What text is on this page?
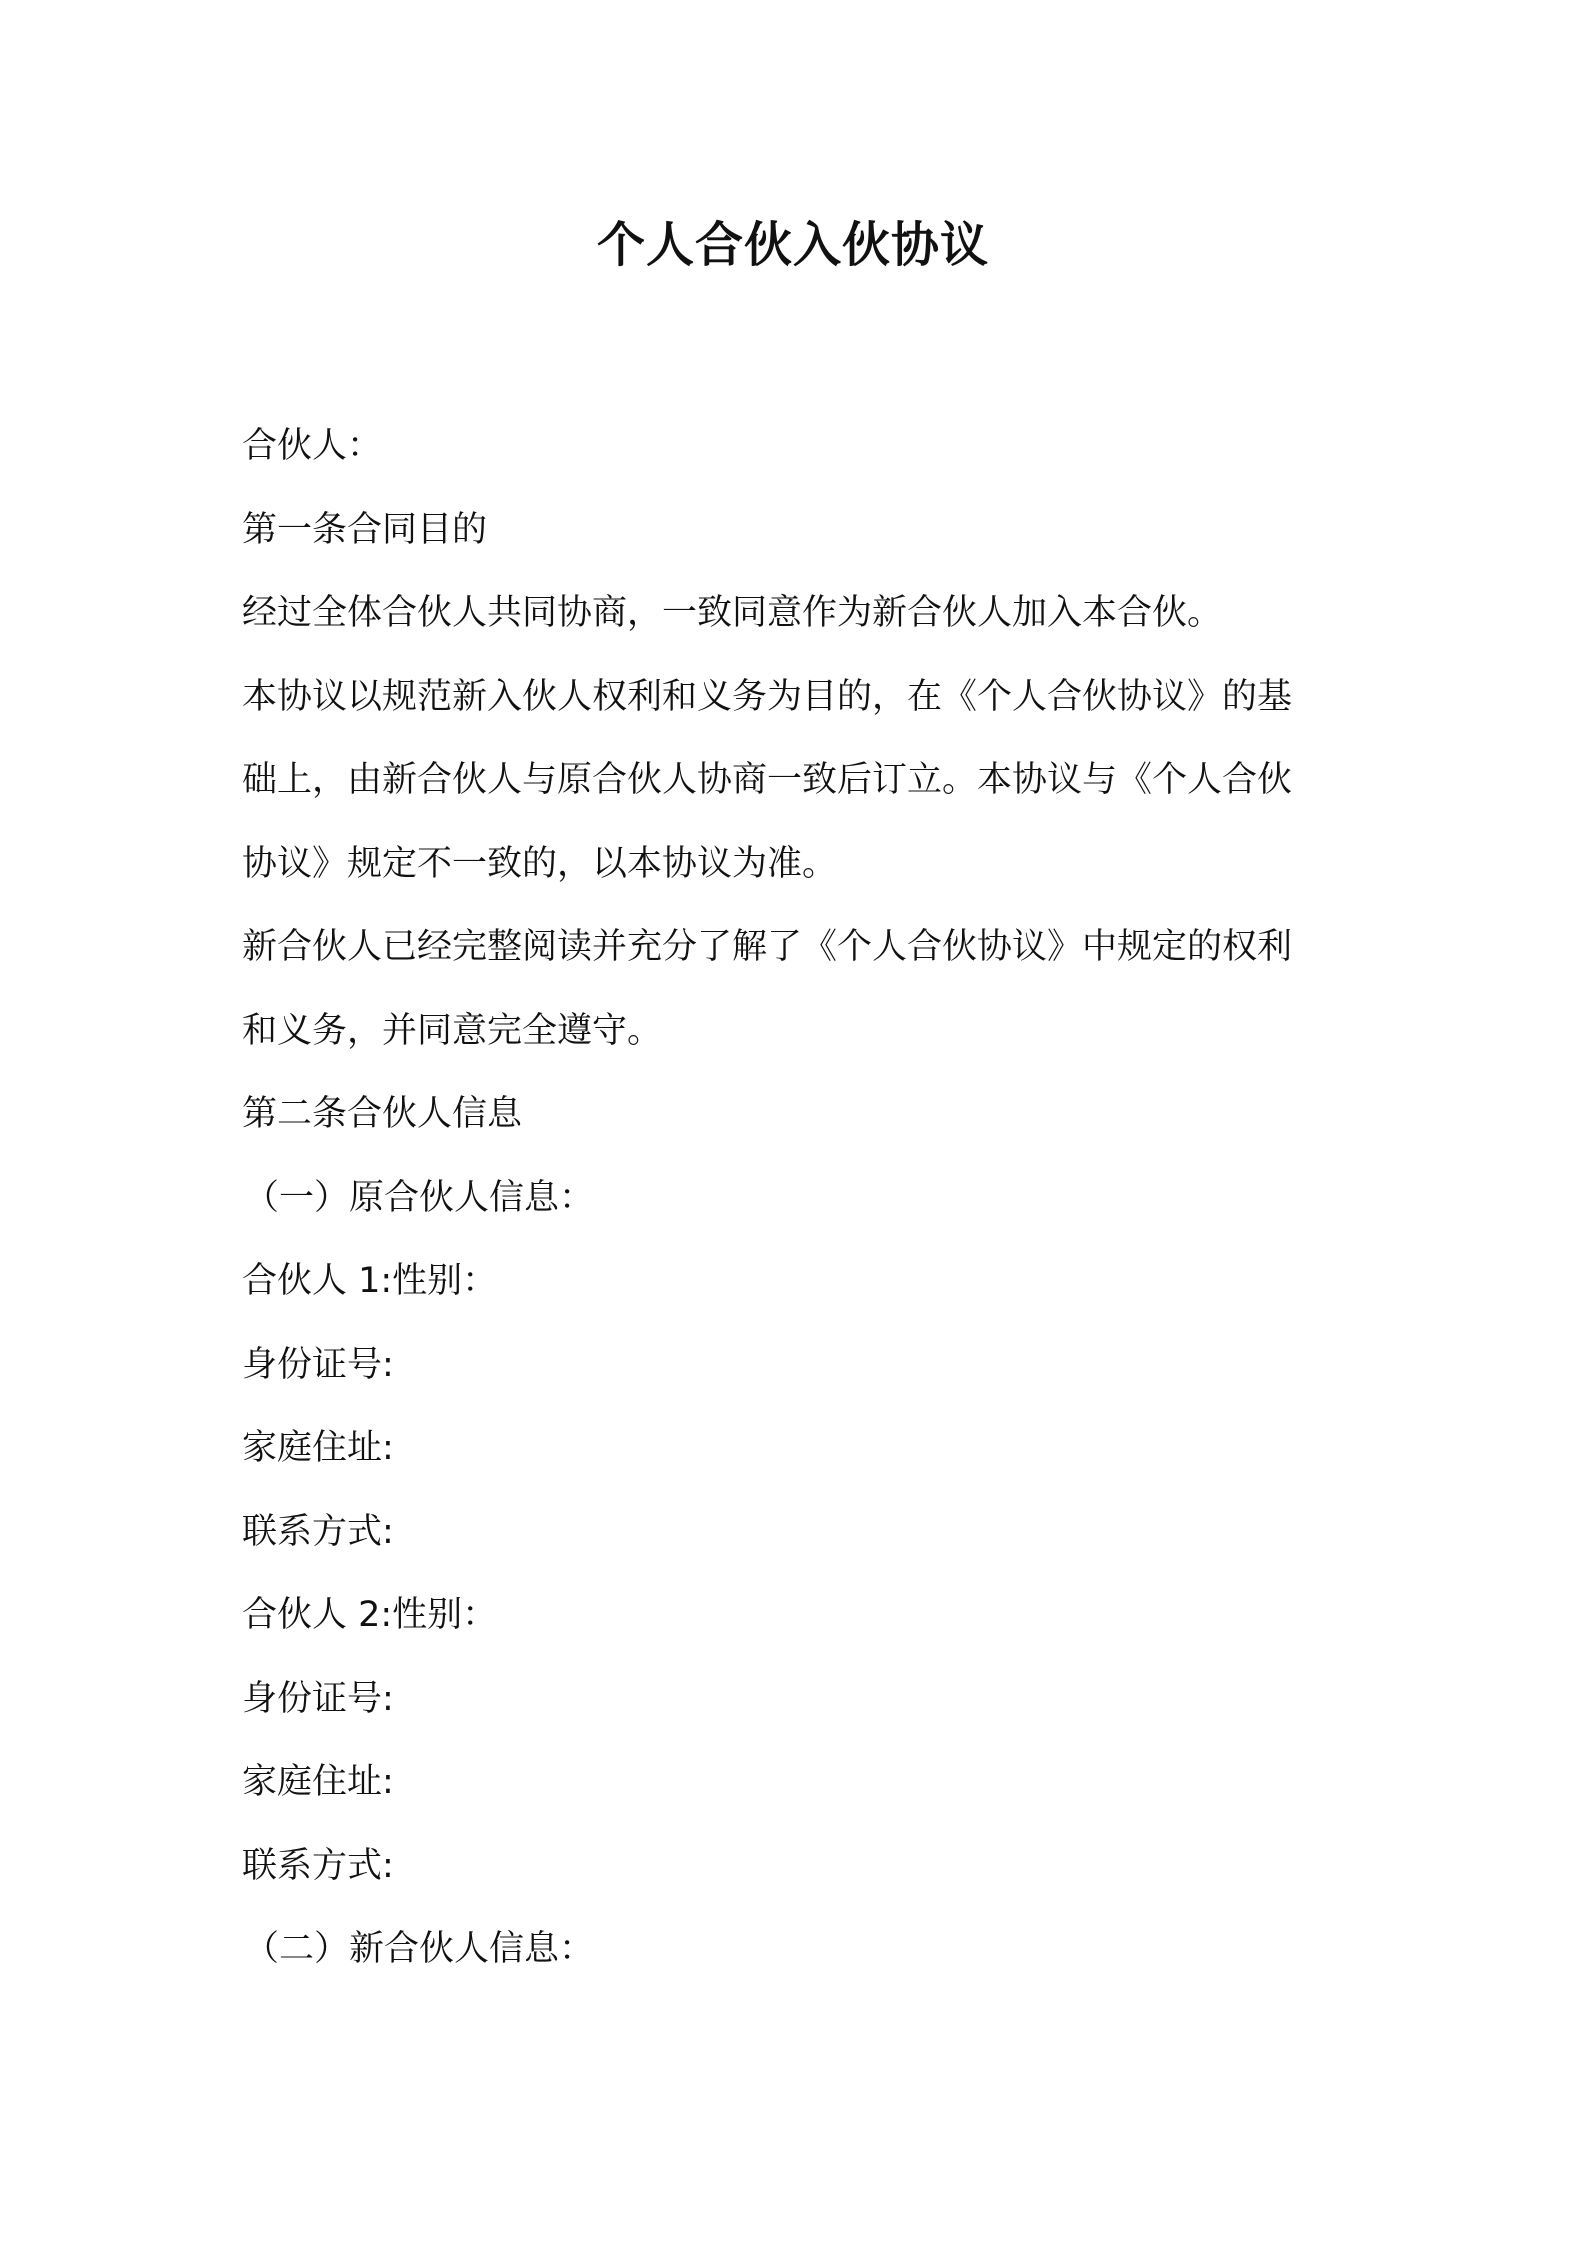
个人合伙入伙协议

合伙人：

第一条合同目的

经过全体合伙人共同协商，一致同意作为新合伙人加入本合伙。

本协议以规范新入伙人权利和义务为目的，在《个人合伙协议》的基

础上，由新合伙人与原合伙人协商一致后订立。本协议与《个人合伙

协议》规定不一致的，以本协议为准。

新合伙人已经完整阅读并充分了解了《个人合伙协议》中规定的权利

和义务，并同意完全遵守。

第二条合伙人信息

（一）原合伙人信息：

合伙人 1:性别：

身份证号:

家庭住址:

联系方式:

合伙人 2:性别：

身份证号:

家庭住址:

联系方式:

（二）新合伙人信息：
